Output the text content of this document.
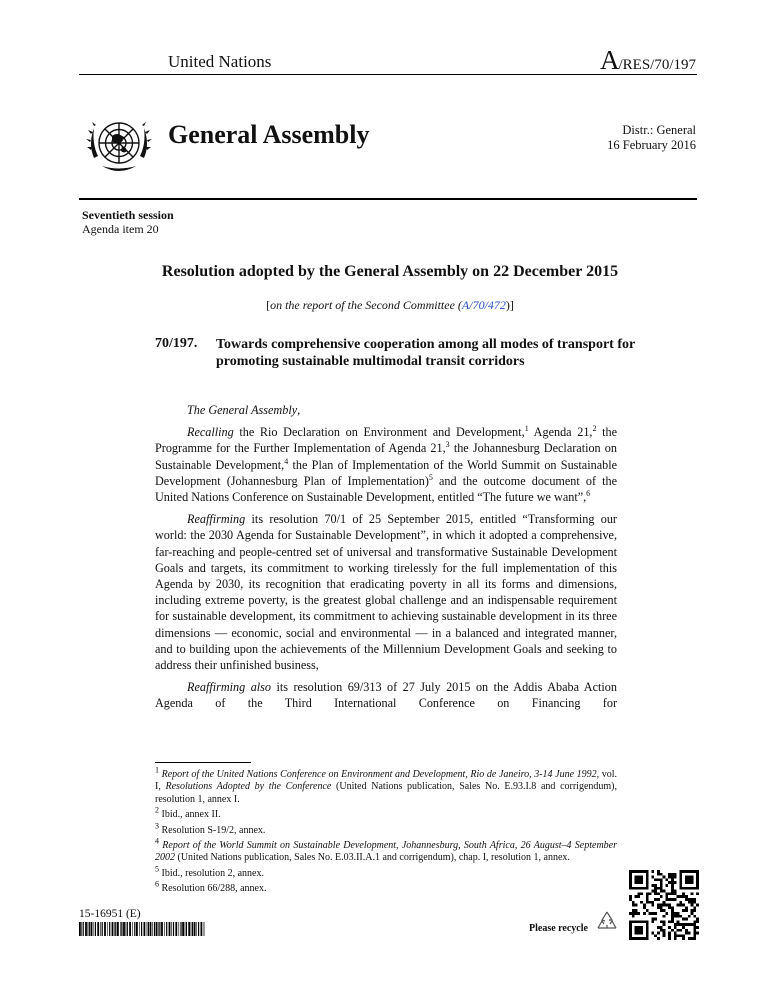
United Nations	A/RES/70/197
General Assembly	Distr.: General
16 February 2016
Seventieth session
Agenda item 20
Resolution adopted by the General Assembly on 22 December 2015
[on the report of the Second Committee (A/70/472)]
70/197. Towards comprehensive cooperation among all modes of transport for promoting sustainable multimodal transit corridors

The General Assembly,

Recalling the Rio Declaration on Environment and Development,$^1$ Agenda 21,$^2$ the Programme for the Further Implementation of Agenda 21,$^3$ the Johannesburg Declaration on Sustainable Development,$^4$ the Plan of Implementation of the World Summit on Sustainable Development (Johannesburg Plan of Implementation)$^5$ and the outcome document of the United Nations Conference on Sustainable Development, entitled “The future we want”,$^6$

Reaffirming its resolution 70/1 of 25 September 2015, entitled “Transforming our world: the 2030 Agenda for Sustainable Development”, in which it adopted a comprehensive, far-reaching and people-centred set of universal and transformative Sustainable Development Goals and targets, its commitment to working tirelessly for the full implementation of this Agenda by 2030, its recognition that eradicating poverty in all its forms and dimensions, including extreme poverty, is the greatest global challenge and an indispensable requirement for sustainable development, its commitment to achieving sustainable development in its three dimensions — economic, social and environmental — in a balanced and integrated manner, and to building upon the achievements of the Millennium Development Goals and seeking to address their unfinished business,

Reaffirming also its resolution 69/313 of 27 July 2015 on the Addis Ababa Action Agenda of the Third International Conference on Financing for

$^1$ Report of the United Nations Conference on Environment and Development, Rio de Janeiro, 3-14 June 1992, vol. I, Resolutions Adopted by the Conference (United Nations publication, Sales No. E.93.I.8 and corrigendum), resolution 1, annex I.
$^2$ Ibid., annex II.
$^3$ Resolution S-19/2, annex.
$^4$ Report of the World Summit on Sustainable Development, Johannesburg, South Africa, 26 August–4 September 2002 (United Nations publication, Sales No. E.03.II.A.1 and corrigendum), chap. I, resolution 1, annex.
$^5$ Ibid., resolution 2, annex.
$^6$ Resolution 66/288, annex.
15-16951 (E)
Please recycle
